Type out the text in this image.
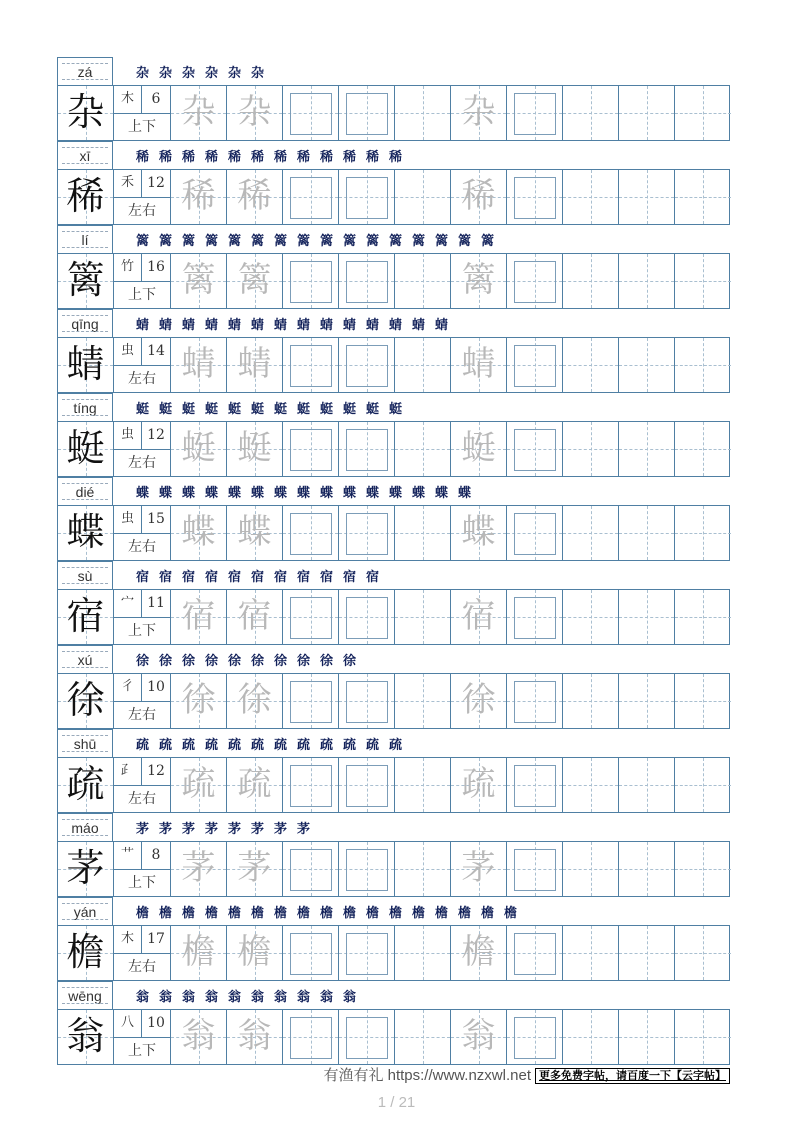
zá	杂 杂 杂 杂 杂 杂
杂	木	6
上下 杂 杂	杂
xī	稀 稀 稀 稀 稀 稀 稀 稀 稀 稀 稀 稀
稀	禾 12
左右 稀 稀	稀
lí	篱 篱 篱 篱 篱 篱 篱 篱 篱 篱 篱 篱 篱 篱 篱 篱
篱	竹 16
上下 篱 篱	篱
qīng	蜻 蜻 蜻 蜻 蜻 蜻 蜻 蜻 蜻 蜻 蜻 蜻 蜻 蜻
蜻	虫 14
左右 蜻 蜻	蜻
tíng	蜓 蜓 蜓 蜓 蜓 蜓 蜓 蜓 蜓 蜓 蜓 蜓
蜓	虫 12
左右 蜓 蜓	蜓
dié	蝶 蝶 蝶 蝶 蝶 蝶 蝶 蝶 蝶 蝶 蝶 蝶 蝶 蝶 蝶
蝶	虫 15
左右 蝶 蝶	蝶
sù	宿 宿 宿 宿 宿 宿 宿 宿 宿 宿 宿
宿	宀 11
上下 宿 宿	宿
xú	徐 徐 徐 徐 徐 徐 徐 徐 徐 徐
徐	彳 10
左右 徐 徐	徐
shū	疏 疏 疏 疏 疏 疏 疏 疏 疏 疏 疏 疏
疏	⺪ 12
左右 疏 疏	疏
máo	茅 茅 茅 茅 茅 茅 茅 茅
茅	艹	8
上下 茅 茅	茅
yán	檐 檐 檐 檐 檐 檐 檐 檐 檐 檐 檐 檐 檐 檐 檐 檐 檐
檐	木 17
左右 檐 檐	檐
wēng	翁 翁 翁 翁 翁 翁 翁 翁 翁 翁
翁	八 10
上下 翁 翁	翁
有渔有礼 https://www.nzxwl.net 更多免费字帖，请百度一下【云字帖】
1 / 21
